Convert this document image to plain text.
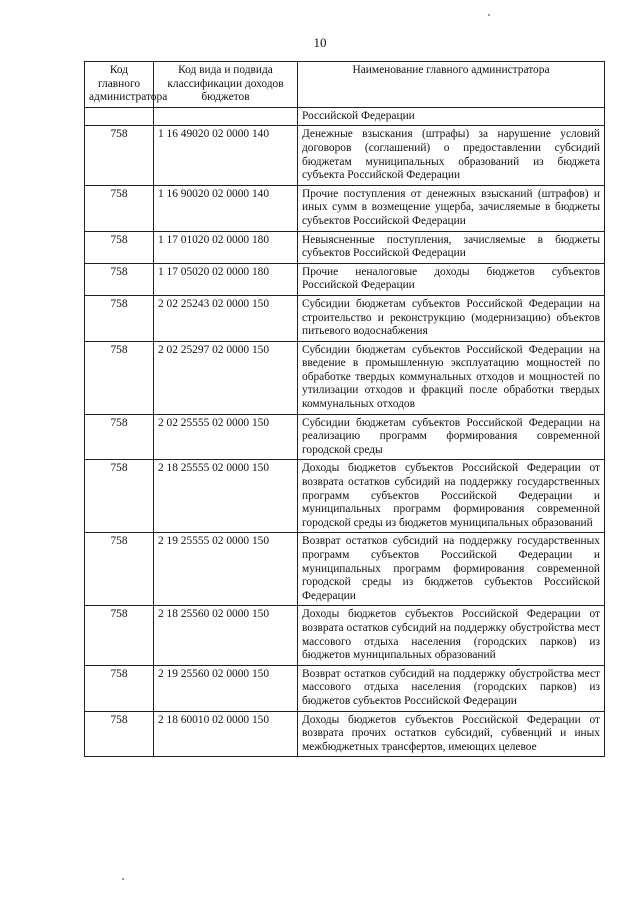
10
Код главного администратора	Код вида и подвида классификации доходов бюджетов	Наименование главного администратора
		Российской Федерации
758	1 16 49020 02 0000 140	Денежные взыскания (штрафы) за нарушение условий договоров (соглашений) о предоставлении субсидий бюджетам муниципальных образований из бюджета субъекта Российской Федерации
758	1 16 90020 02 0000 140	Прочие поступления от денежных взысканий (штрафов) и иных сумм в возмещение ущерба, зачисляемые в бюджеты субъектов Российской Федерации
758	1 17 01020 02 0000 180	Невыясненные поступления, зачисляемые в бюджеты субъектов Российской Федерации
758	1 17 05020 02 0000 180	Прочие неналоговые доходы бюджетов субъектов Российской Федерации
758	2 02 25243 02 0000 150	Субсидии бюджетам субъектов Российской Федерации на строительство и реконструкцию (модернизацию) объектов питьевого водоснабжения
758	2 02 25297 02 0000 150	Субсидии бюджетам субъектов Российской Федерации на введение в промышленную эксплуатацию мощностей по обработке твердых коммунальных отходов и мощностей по утилизации отходов и фракций после обработки твердых коммунальных отходов
758	2 02 25555 02 0000 150	Субсидии бюджетам субъектов Российской Федерации на реализацию программ формирования современной городской среды
758	2 18 25555 02 0000 150	Доходы бюджетов субъектов Российской Федерации от возврата остатков субсидий на поддержку государственных программ субъектов Российской Федерации и муниципальных программ формирования современной городской среды из бюджетов муниципальных образований
758	2 19 25555 02 0000 150	Возврат остатков субсидий на поддержку государственных программ субъектов Российской Федерации и муниципальных программ формирования современной городской среды из бюджетов субъектов Российской Федерации
758	2 18 25560 02 0000 150	Доходы бюджетов субъектов Российской Федерации от возврата остатков субсидий на поддержку обустройства мест массового отдыха населения (городских парков) из бюджетов муниципальных образований
758	2 19 25560 02 0000 150	Возврат остатков субсидий на поддержку обустройства мест массового отдыха населения (городских парков) из бюджетов субъектов Российской Федерации
758	2 18 60010 02 0000 150	Доходы бюджетов субъектов Российской Федерации от возврата прочих остатков субсидий, субвенций и иных межбюджетных трансфертов, имеющих целевое
